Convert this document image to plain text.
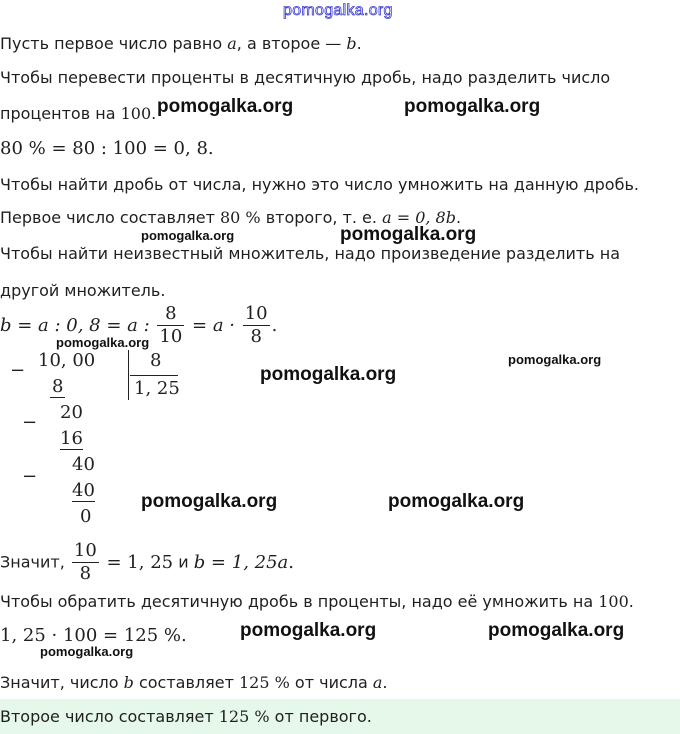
pomogalka.org
Пусть первое число равно a, а второе — b.
Чтобы перевести проценты в десятичную дробь, надо разделить число
процентов на 100. pomogalka.org	pomogalka.org
80 % = 80 : 100 = 0, 8.
Чтобы найти дробь от числа, нужно это число умножить на данную дробь.
Первое число составляет 80 % второго, т. е. a = 0, 8b.
pomogalka.org	pomogalka.org
Чтобы найти неизвестный множитель, надо произведение разделить на
другой множитель.
b = a : 0, 8 = a : $\frac{8}{10} = a \cdot \frac{10}{8}$ .
pomogalka.org
− 10, 00
8
8
1, 25
− 20
16
−
40
40
0
pomogalka.org
pomogalka.org
pomogalka.org	pomogalka.org
Значит, $\frac{10}{8} = 1$, 25 и b = 1, 25a.
Чтобы обратить десятичную дробь в проценты, надо её умножить на 100.
1, 25 · 100 = 125 %.	pomogalka.org	pomogalka.org
pomogalka.org
Значит, число b составляет 125 % от числа a.
Второе число составляет 125 % от первого.
